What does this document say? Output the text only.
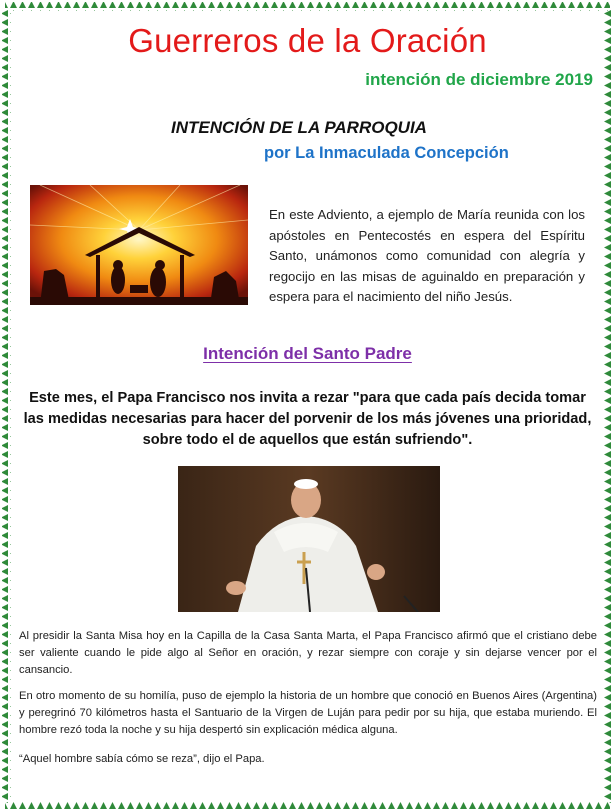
Guerreros de la Oración
intención de diciembre 2019
INTENCIÓN DE LA PARROQUIA
por La Inmaculada Concepción
En este Adviento, a ejemplo de María reunida con los apóstoles en Pentecostés en espera del Espíritu Santo, unámonos como comunidad con alegría y regocijo en las misas de aguinaldo en preparación y espera para el nacimiento del niño Jesús.
Intención del Santo Padre
Este mes, el Papa Francisco nos invita a rezar "para que cada país decida tomar las medidas necesarias para hacer del porvenir de los más jóvenes una prioridad, sobre todo el de aquellos que están sufriendo".
Al presidir la Santa Misa hoy en la Capilla de la Casa Santa Marta, el Papa Francisco afirmó que el cristiano debe ser valiente cuando le pide algo al Señor en oración, y rezar siempre con coraje y sin dejarse vencer por el cansancio.
En otro momento de su homilía, puso de ejemplo la historia de un hombre que conoció en Buenos Aires (Argentina) y peregrinó 70 kilómetros hasta el Santuario de la Virgen de Luján para pedir por su hija, que estaba muriendo. El hombre rezó toda la noche y su hija despertó sin explicación médica alguna.
“Aquel hombre sabía cómo se reza”, dijo el Papa.
